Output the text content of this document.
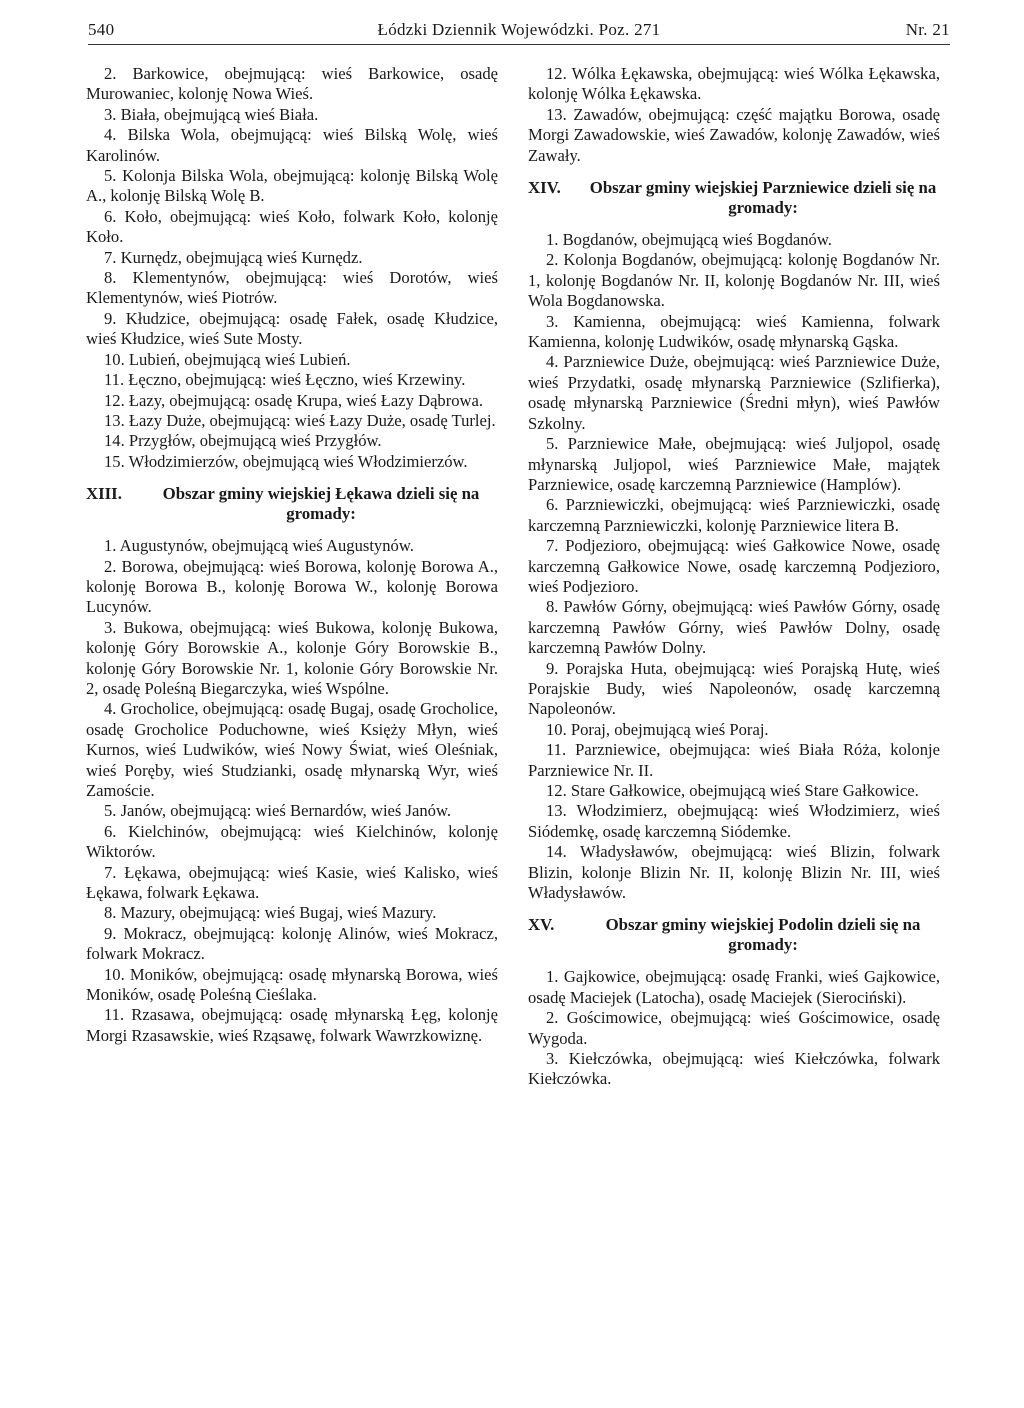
540	Łódzki Dziennik Wojewódzki. Poz. 271	Nr. 21

2. Barkowice, obejmującą: wieś Barkowice, osadę Murowaniec, kolonję Nowa Wieś.

3. Biała, obejmującą wieś Biała.

4. Bilska Wola, obejmującą: wieś Bilską Wolę, wieś Karolinów.

5. Kolonja Bilska Wola, obejmującą: kolonję Bilską Wolę A., kolonję Bilską Wolę B.

6. Koło, obejmującą: wieś Koło, folwark Koło, kolonję Koło.

7. Kurnędz, obejmującą wieś Kurnędz.

8. Klementynów, obejmującą: wieś Dorotów, wieś Klementynów, wieś Piotrów.

9. Kłudzice, obejmującą: osadę Fałek, osadę Kłudzice, wieś Kłudzice, wieś Sute Mosty.

10. Lubień, obejmującą wieś Lubień.

11. Łęczno, obejmującą: wieś Łęczno, wieś Krzewiny.

12. Łazy, obejmującą: osadę Krupa, wieś Łazy Dąbrowa.

13. Łazy Duże, obejmującą: wieś Łazy Duże, osadę Turlej.

14. Przygłów, obejmującą wieś Przygłów.

15. Włodzimierzów, obejmującą wieś Włodzimierzów.

XIII.	Obszar gminy wiejskiej Łękawa dzieli się na gromady:

1. Augustynów, obejmującą wieś Augustynów.

2. Borowa, obejmującą: wieś Borowa, kolonję Borowa A., kolonję Borowa B., kolonję Borowa W., kolonję Borowa Lucynów.

3. Bukowa, obejmującą: wieś Bukowa, kolonję Bukowa, kolonję Góry Borowskie A., kolonje Góry Borowskie B., kolonję Góry Borowskie Nr. 1, kolonie Góry Borowskie Nr. 2, osadę Poleśną Biegarczyka, wieś Wspólne.

4. Grocholice, obejmującą: osadę Bugaj, osadę Grocholice, osadę Grocholice Poduchowne, wieś Księży Młyn, wieś Kurnos, wieś Ludwików, wieś Nowy Świat, wieś Oleśniak, wieś Poręby, wieś Studzianki, osadę młynarską Wyr, wieś Zamoście.

5. Janów, obejmującą: wieś Bernardów, wieś Janów.

6. Kielchinów, obejmującą: wieś Kielchinów, kolonję Wiktorów.

7. Łękawa, obejmującą: wieś Kasie, wieś Kalisko, wieś Łękawa, folwark Łękawa.

8. Mazury, obejmującą: wieś Bugaj, wieś Mazury.

9. Mokracz, obejmującą: kolonję Alinów, wieś Mokracz, folwark Mokracz.

10. Moników, obejmującą: osadę młynarską Borowa, wieś Moników, osadę Poleśną Cieślaka.

11. Rzasawa, obejmującą: osadę młynarską Łęg, kolonję Morgi Rzasawskie, wieś Rząsawę, folwark Wawrzkowiznę.

12. Wólka Łękawska, obejmującą: wieś Wólka Łękawska, kolonję Wólka Łękawska.

13. Zawadów, obejmującą: część majątku Borowa, osadę Morgi Zawadowskie, wieś Zawadów, kolonję Zawadów, wieś Zawały.

XIV.	Obszar gminy wiejskiej Parzniewice dzieli się na gromady:

1. Bogdanów, obejmującą wieś Bogdanów.

2. Kolonja Bogdanów, obejmującą: kolonję Bogdanów Nr. 1, kolonję Bogdanów Nr. II, kolonję Bogdanów Nr. III, wieś Wola Bogdanowska.

3. Kamienna, obejmującą: wieś Kamienna, folwark Kamienna, kolonję Ludwików, osadę młynarską Gąska.

4. Parzniewice Duże, obejmującą: wieś Parzniewice Duże, wieś Przydatki, osadę młynarską Parzniewice (Szlifierka), osadę młynarską Parzniewice (Średni młyn), wieś Pawłów Szkolny.

5. Parzniewice Małe, obejmującą: wieś Juljopol, osadę młynarską Juljopol, wieś Parzniewice Małe, majątek Parzniewice, osadę karczemną Parzniewice (Hamplów).

6. Parzniewiczki, obejmującą: wieś Parzniewiczki, osadę karczemną Parzniewiczki, kolonję Parzniewice litera B.

7. Podjezioro, obejmującą: wieś Gałkowice Nowe, osadę karczemną Gałkowice Nowe, osadę karczemną Podjezioro, wieś Podjezioro.

8. Pawłów Górny, obejmującą: wieś Pawłów Górny, osadę karczemną Pawłów Górny, wieś Pawłów Dolny, osadę karczemną Pawłów Dolny.

9. Porajska Huta, obejmującą: wieś Porajską Hutę, wieś Porajskie Budy, wieś Napoleonów, osadę karczemną Napoleonów.

10. Poraj, obejmującą wieś Poraj.

11. Parzniewice, obejmująca: wieś Biała Róża, kolonje Parzniewice Nr. II.

12. Stare Gałkowice, obejmującą wieś Stare Gałkowice.

13. Włodzimierz, obejmującą: wieś Włodzimierz, wieś Siódemkę, osadę karczemną Siódemke.

14. Władysławów, obejmującą: wieś Blizin, folwark Blizin, kolonje Blizin Nr. II, kolonję Blizin Nr. III, wieś Władysławów.

XV.	Obszar gminy wiejskiej Podolin dzieli się na gromady:

1. Gajkowice, obejmującą: osadę Franki, wieś Gajkowice, osadę Maciejek (Latocha), osadę Maciejek (Sierociński).

2. Gościmowice, obejmującą: wieś Gościmowice, osadę Wygoda.

3. Kiełczówka, obejmującą: wieś Kiełczówka, folwark Kiełczówka.
